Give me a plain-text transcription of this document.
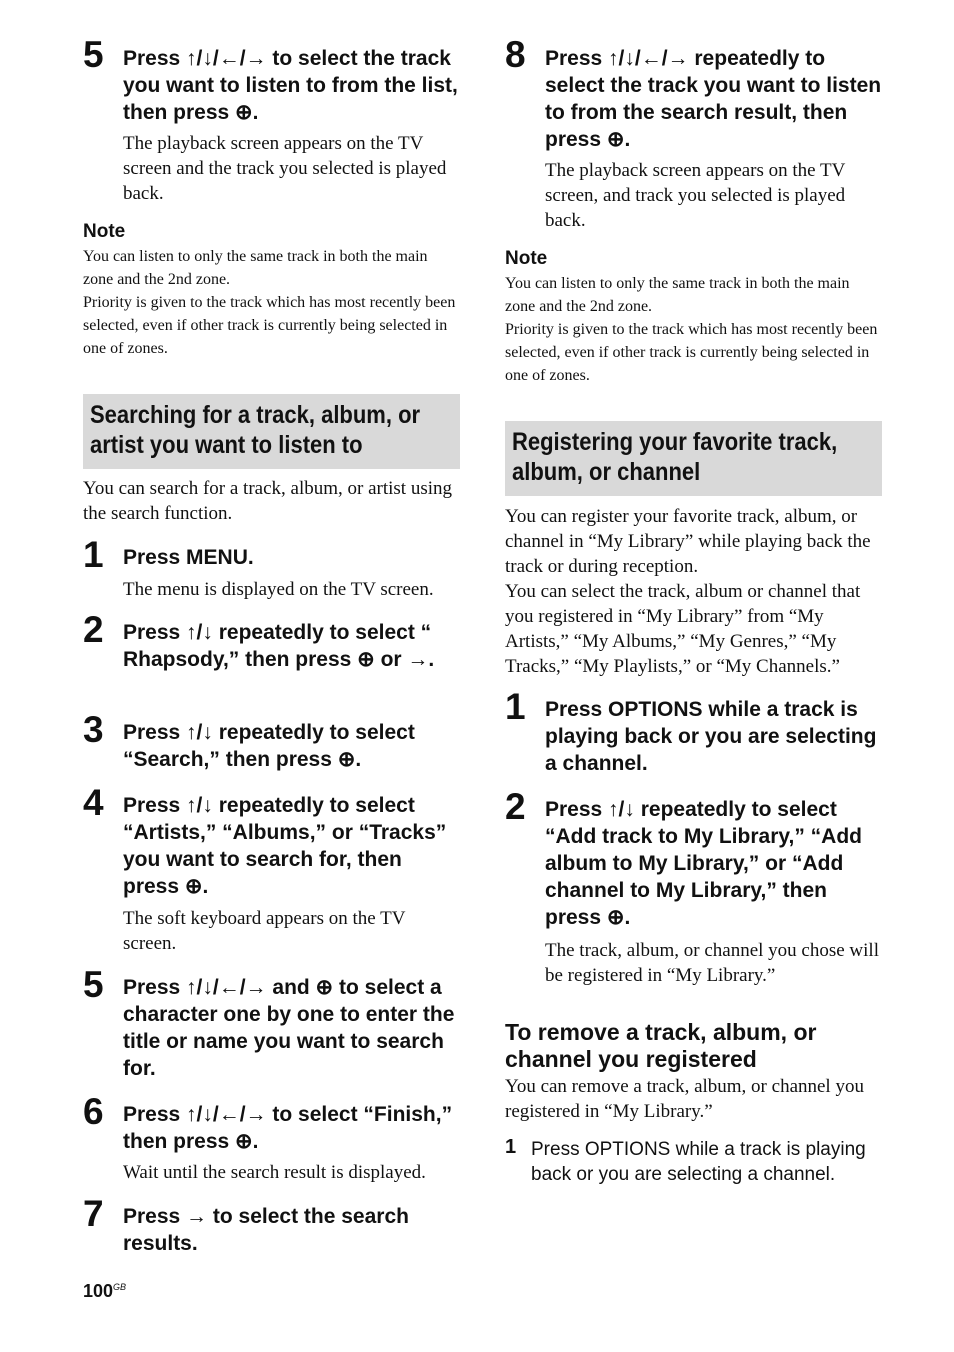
5 Press ↑/↓/←/→ to select the track you want to listen to from the list, then press ⊕.
The playback screen appears on the TV screen and the track you selected is played back.
Note
You can listen to only the same track in both the main zone and the 2nd zone.
Priority is given to the track which has most recently been selected, even if other track is currently being selected in one of zones.
Searching for a track, album, or artist you want to listen to
You can search for a track, album, or artist using the search function.
1 Press MENU.
The menu is displayed on the TV screen.
2 Press ↑/↓ repeatedly to select “ Rhapsody,” then press ⊕ or →.
3 Press ↑/↓ repeatedly to select “Search,” then press ⊕.
4 Press ↑/↓ repeatedly to select “Artists,” “Albums,” or “Tracks” you want to search for, then press ⊕.
The soft keyboard appears on the TV screen.
5 Press ↑/↓/←/→ and ⊕ to select a character one by one to enter the title or name you want to search for.
6 Press ↑/↓/←/→ to select “Finish,” then press ⊕.
Wait until the search result is displayed.
7 Press → to select the search results.
8 Press ↑/↓/←/→ repeatedly to select the track you want to listen to from the search result, then press ⊕.
The playback screen appears on the TV screen, and track you selected is played back.
Note
You can listen to only the same track in both the main zone and the 2nd zone.
Priority is given to the track which has most recently been selected, even if other track is currently being selected in one of zones.
Registering your favorite track, album, or channel
You can register your favorite track, album, or channel in “My Library” while playing back the track or during reception.
You can select the track, album or channel that you registered in “My Library” from “My Artists,” “My Albums,” “My Genres,” “My Tracks,” “My Playlists,” or “My Channels.”
1 Press OPTIONS while a track is playing back or you are selecting a channel.
2 Press ↑/↓ repeatedly to select “Add track to My Library,” “Add album to My Library,” or “Add channel to My Library,” then press ⊕.
The track, album, or channel you chose will be registered in “My Library.”
To remove a track, album, or channel you registered
You can remove a track, album, or channel you registered in “My Library.”
1 Press OPTIONS while a track is playing back or you are selecting a channel.
$100^{GB}$
